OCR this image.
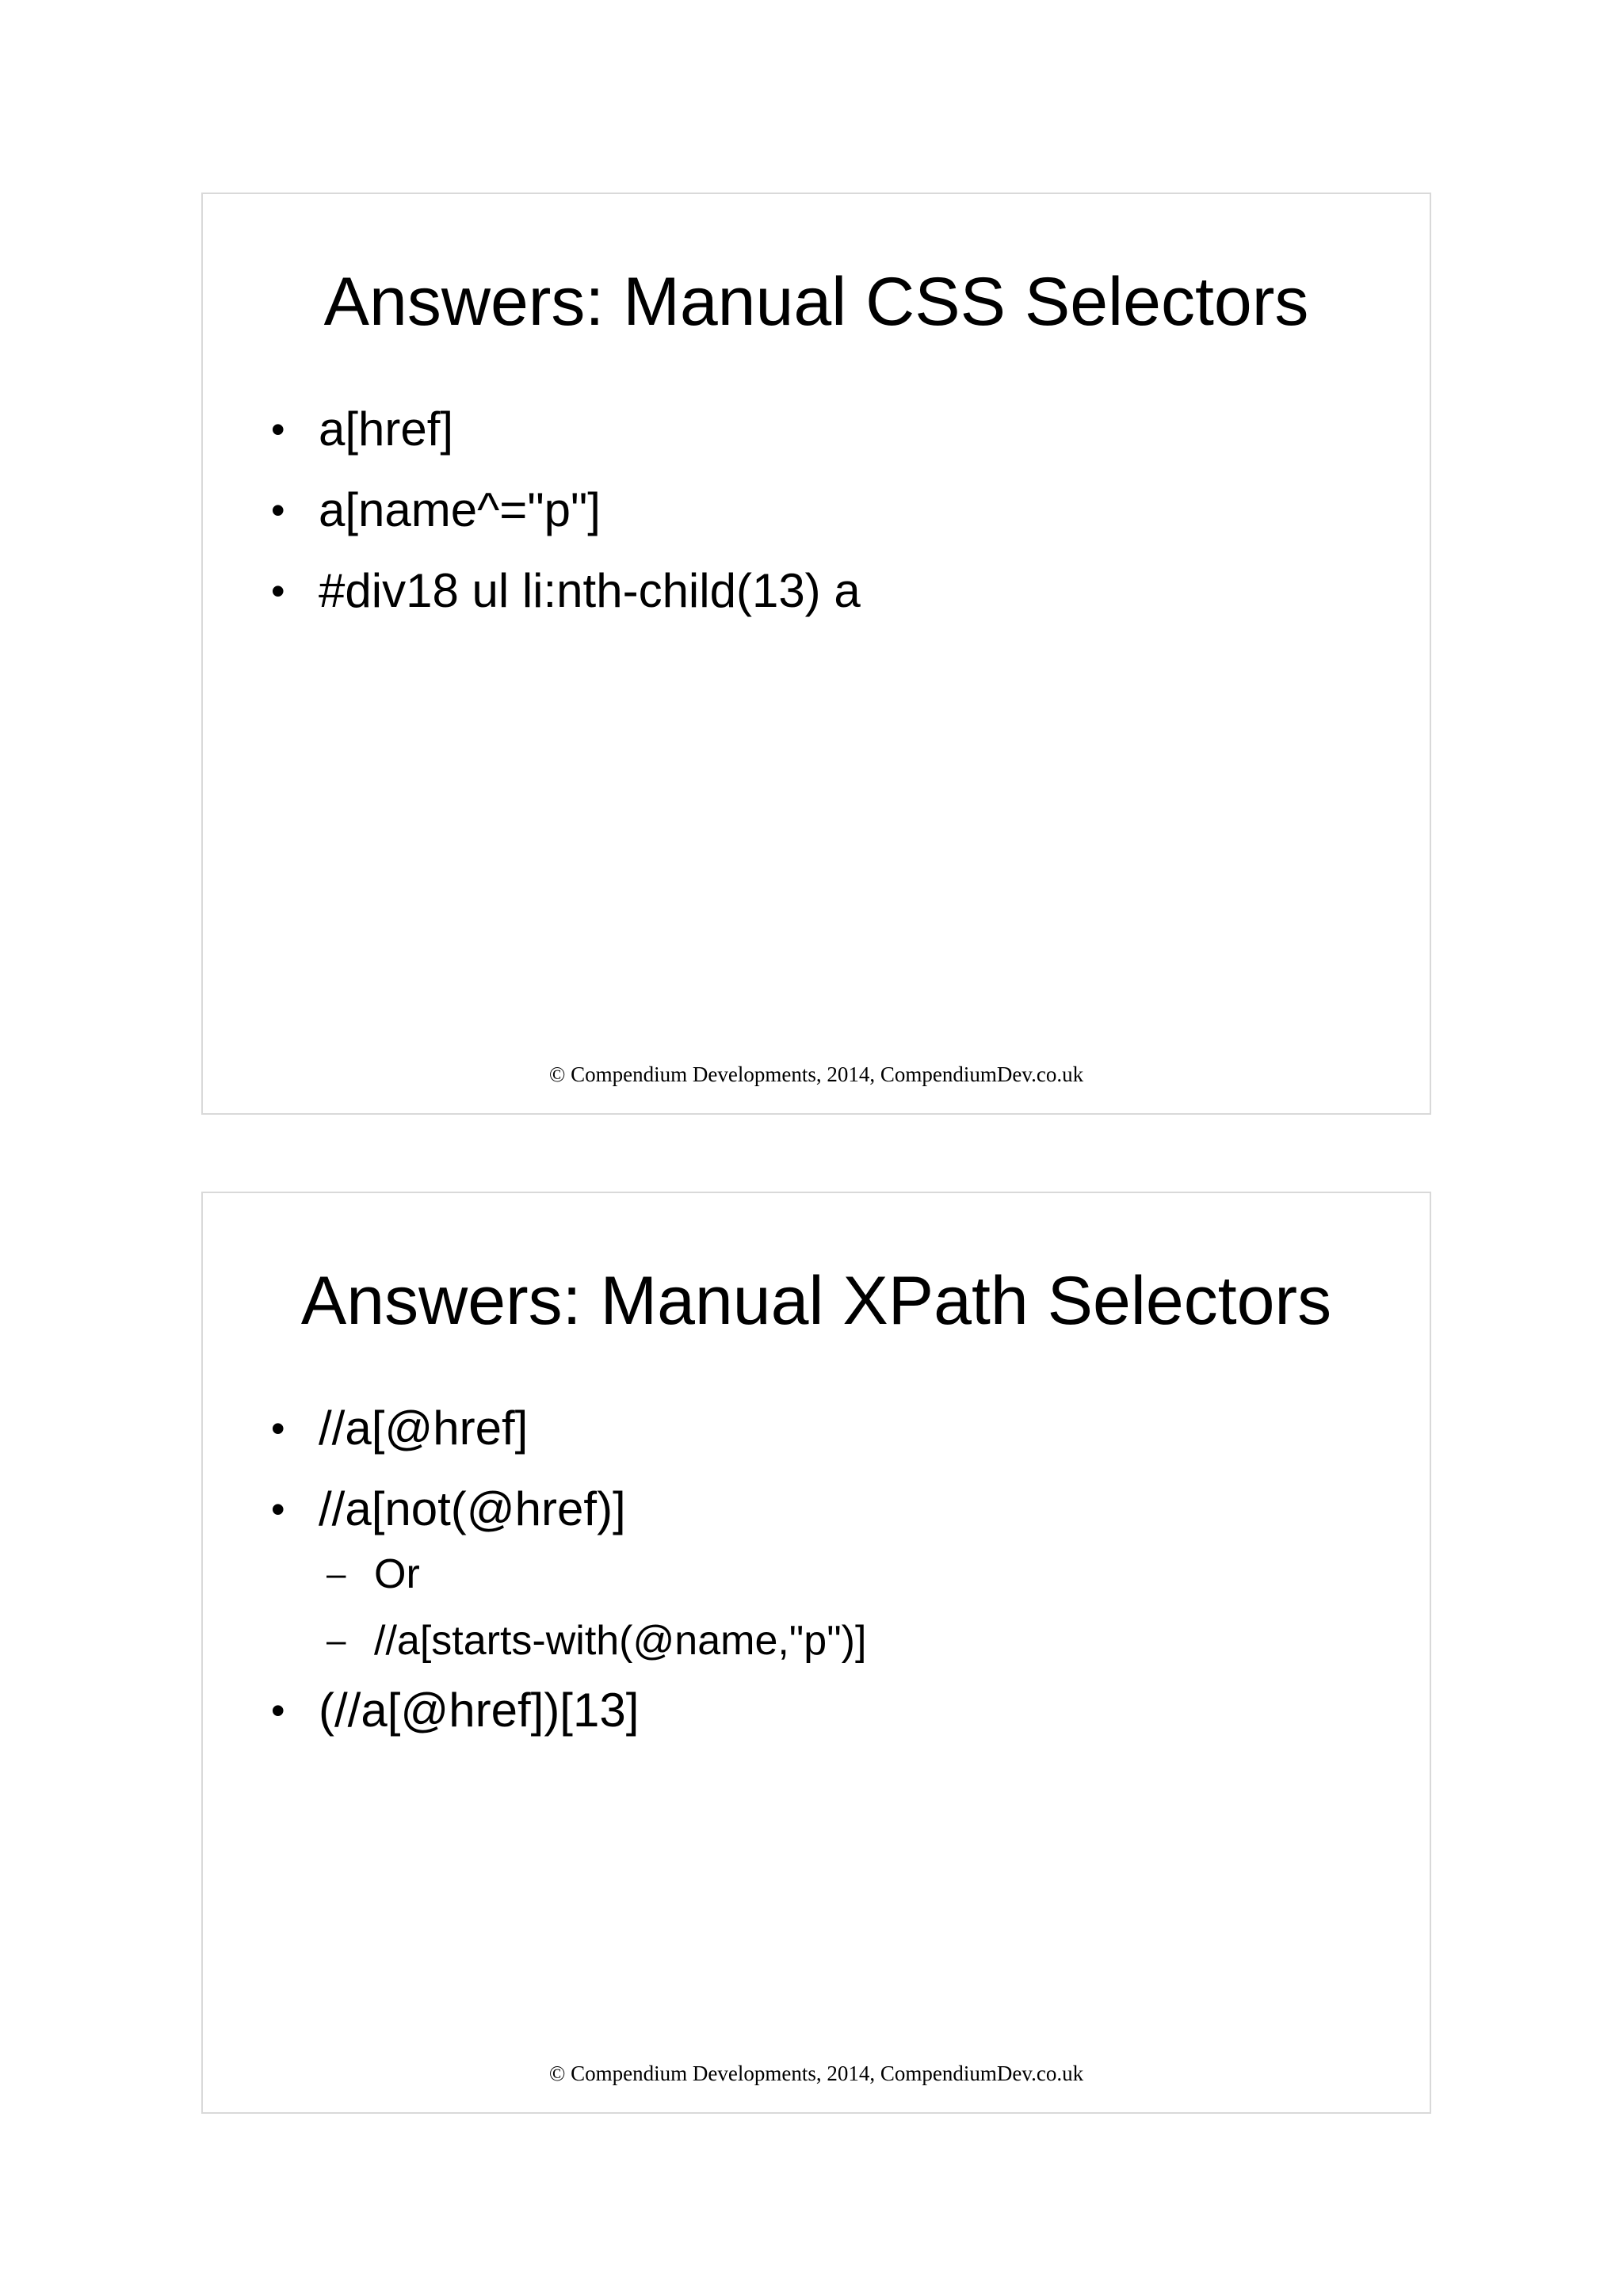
Answers: Manual CSS Selectors
• a[href]
• a[name^="p"]
• #div18 ul li:nth-child(13) a
© Compendium Developments, 2014, CompendiumDev.co.uk
Answers: Manual XPath Selectors
• //a[@href]
• //a[not(@href)]
– Or
– //a[starts-with(@name,"p")]
• (//a[@href])[13]
© Compendium Developments, 2014, CompendiumDev.co.uk
